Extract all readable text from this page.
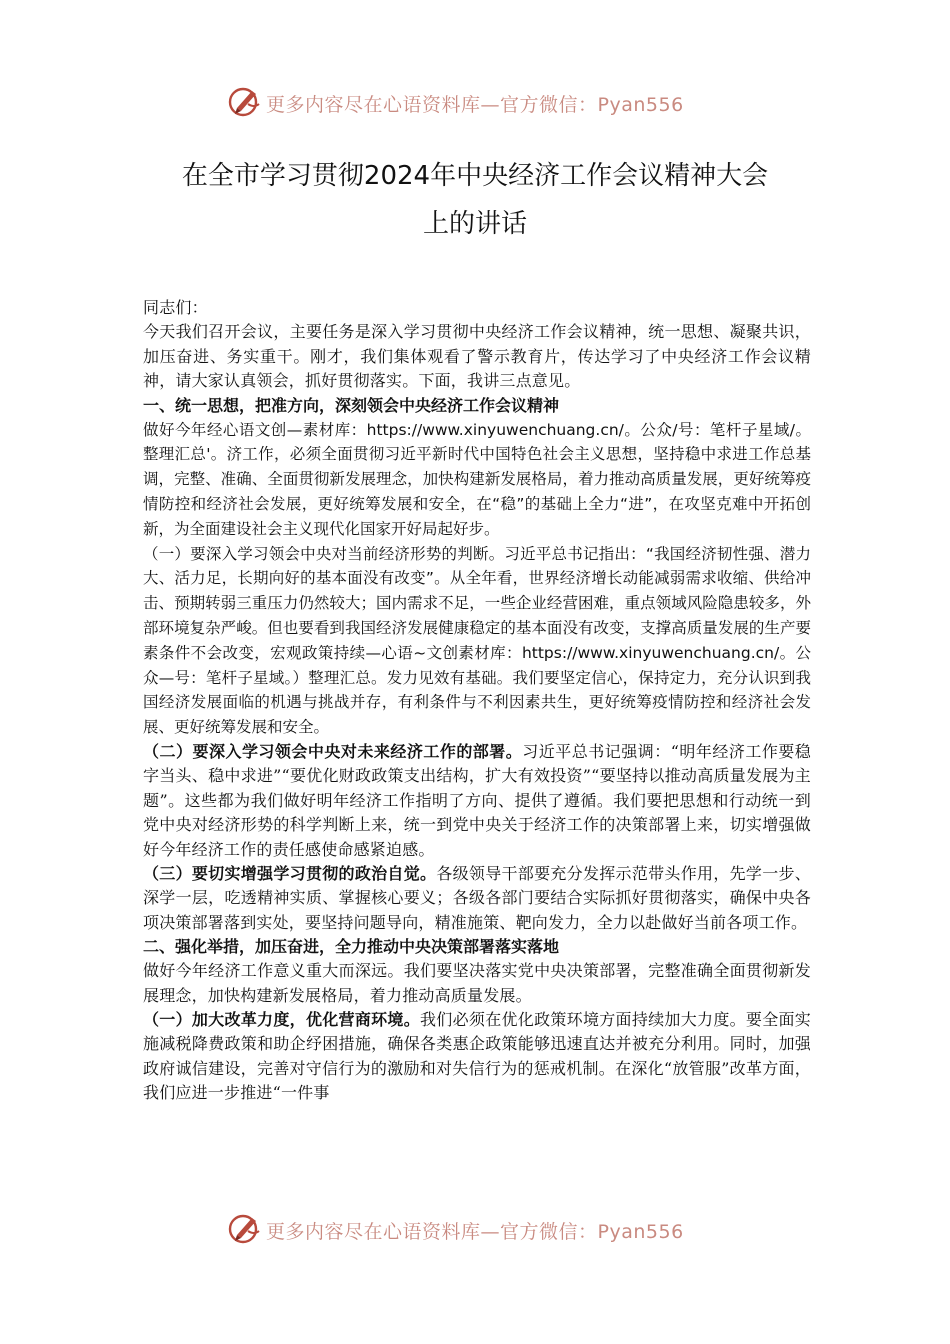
更多内容尽在心语资料库—官方微信：Pyan556
在全市学习贯彻2024年中央经济工作会议精神大会
上的讲话

同志们：

今天我们召开会议，主要任务是深入学习贯彻中央经济工作会议精神，统一思想、凝聚共识，加压奋进、务实重干。刚才，我们集体观看了警示教育片，传达学习了中央经济工作会议精神，请大家认真领会，抓好贯彻落实。下面，我讲三点意见。

一、统一思想，把准方向，深刻领会中央经济工作会议精神

做好今年经心语文创—素材库：https://www.xinyuwenchuang.cn/。公众/号：笔杆子星域/。整理汇总'。济工作，必须全面贯彻习近平新时代中国特色社会主义思想，坚持稳中求进工作总基调，完整、准确、全面贯彻新发展理念，加快构建新发展格局，着力推动高质量发展，更好统筹疫情防控和经济社会发展，更好统筹发展和安全，在“稳”的基础上全力“进”，在攻坚克难中开拓创新，为全面建设社会主义现代化国家开好局起好步。

（一）要深入学习领会中央对当前经济形势的判断。习近平总书记指出：“我国经济韧性强、潜力大、活力足，长期向好的基本面没有改变”。从全年看，世界经济增长动能减弱需求收缩、供给冲击、预期转弱三重压力仍然较大；国内需求不足，一些企业经营困难，重点领域风险隐患较多，外部环境复杂严峻。但也要看到我国经济发展健康稳定的基本面没有改变，支撑高质量发展的生产要素条件不会改变，宏观政策持续—心语~文创素材库：https://www.xinyuwenchuang.cn/。公众—号：笔杆子星域。）整理汇总。发力见效有基础。我们要坚定信心，保持定力，充分认识到我国经济发展面临的机遇与挑战并存，有利条件与不利因素共生，更好统筹疫情防控和经济社会发展、更好统筹发展和安全。

（二）要深入学习领会中央对未来经济工作的部署。习近平总书记强调：“明年经济工作要稳字当头、稳中求进”“要优化财政政策支出结构，扩大有效投资”“要坚持以推动高质量发展为主题”。这些都为我们做好明年经济工作指明了方向、提供了遵循。我们要把思想和行动统一到党中央对经济形势的科学判断上来，统一到党中央关于经济工作的决策部署上来，切实增强做好今年经济工作的责任感使命感紧迫感。

（三）要切实增强学习贯彻的政治自觉。各级领导干部要充分发挥示范带头作用，先学一步、深学一层，吃透精神实质、掌握核心要义；各级各部门要结合实际抓好贯彻落实，确保中央各项决策部署落到实处，要坚持问题导向，精准施策、靶向发力，全力以赴做好当前各项工作。

二、强化举措，加压奋进，全力推动中央决策部署落实落地

做好今年经济工作意义重大而深远。我们要坚决落实党中央决策部署，完整准确全面贯彻新发展理念，加快构建新发展格局，着力推动高质量发展。

（一）加大改革力度，优化营商环境。我们必须在优化政策环境方面持续加大力度。要全面实施减税降费政策和助企纾困措施，确保各类惠企政策能够迅速直达并被充分利用。同时，加强政府诚信建设，完善对守信行为的激励和对失信行为的惩戒机制。在深化“放管服”改革方面，我们应进一步推进“一件事

更多内容尽在心语资料库—官方微信：Pyan556
